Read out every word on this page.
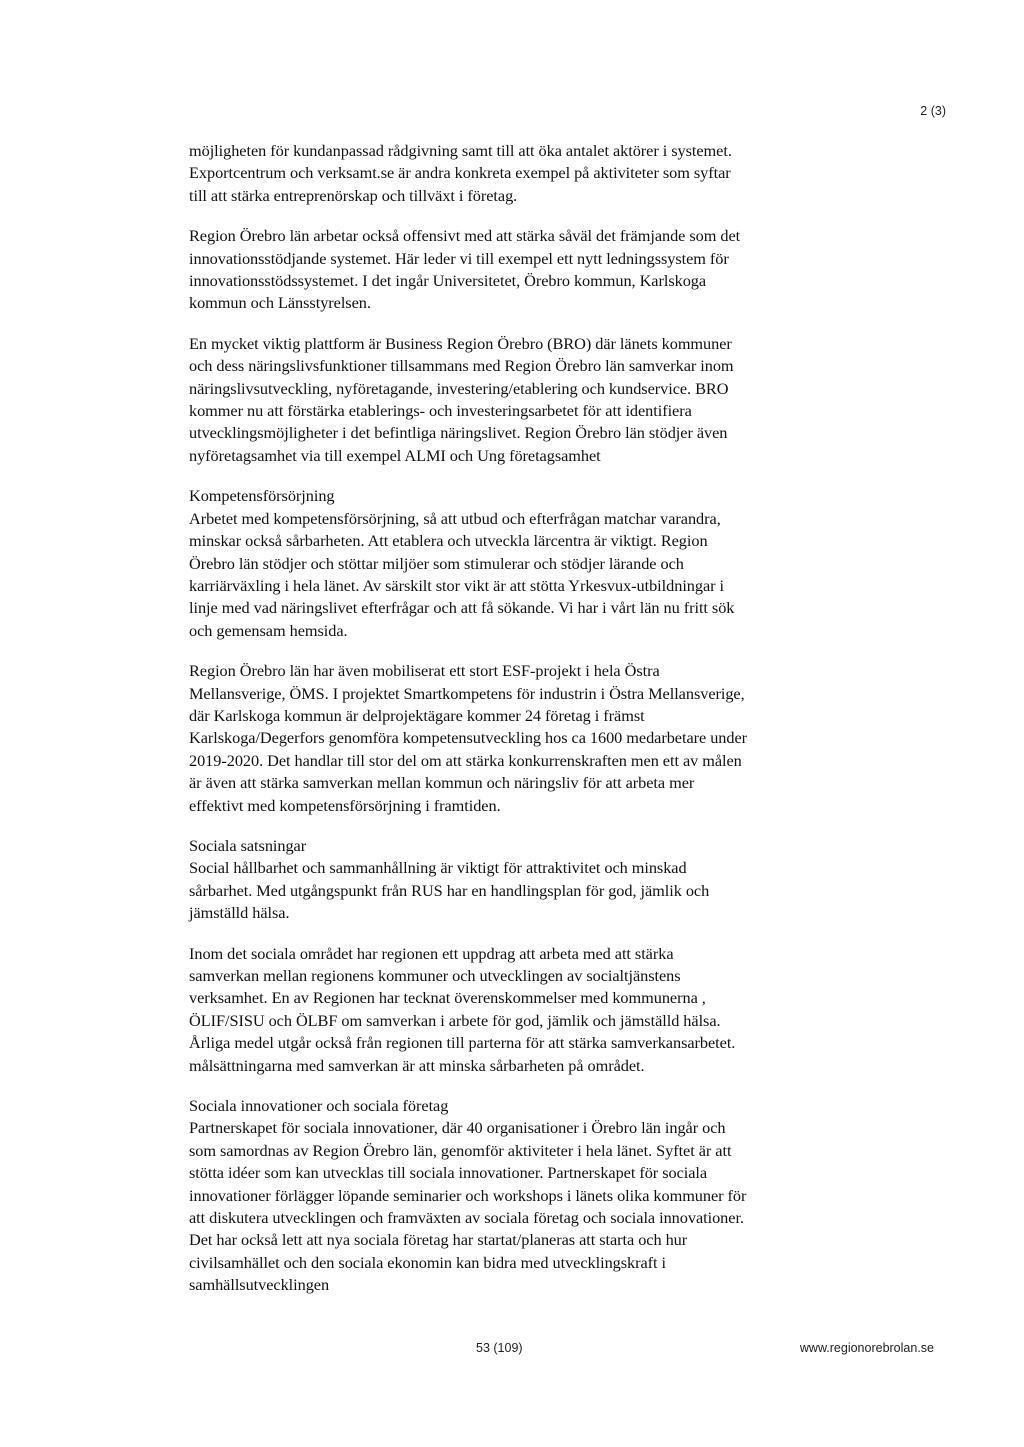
2 (3)
möjligheten för kundanpassad rådgivning samt till att öka antalet aktörer i systemet.
Exportcentrum och verksamt.se är andra konkreta exempel på aktiviteter som syftar
till att stärka entreprenörskap och tillväxt i företag.
Region Örebro län arbetar också offensivt med att stärka såväl det främjande som det
innovationsstödjande systemet. Här leder vi till exempel ett nytt ledningssystem för
innovationsstödssystemet. I det ingår Universitetet, Örebro kommun, Karlskoga
kommun och Länsstyrelsen.
En mycket viktig plattform är Business Region Örebro (BRO) där länets kommuner
och dess näringslivsfunktioner tillsammans med Region Örebro län samverkar inom
näringslivsutveckling, nyföretagande, investering/etablering och kundservice. BRO
kommer nu att förstärka etablerings- och investeringsarbetet för att identifiera
utvecklingsmöjligheter i det befintliga näringslivet. Region Örebro län stödjer även
nyföretagsamhet via till exempel ALMI och Ung företagsamhet
Kompetensförsörjning
Arbetet med kompetensförsörjning, så att utbud och efterfrågan matchar varandra,
minskar också sårbarheten. Att etablera och utveckla lärcentra är viktigt. Region
Örebro län stödjer och stöttar miljöer som stimulerar och stödjer lärande och
karriärväxling i hela länet. Av särskilt stor vikt är att stötta Yrkesvux-utbildningar i
linje med vad näringslivet efterfrågar och att få sökande. Vi har i vårt län nu fritt sök
och gemensam hemsida.
Region Örebro län har även mobiliserat ett stort ESF-projekt i hela Östra
Mellansverige, ÖMS. I projektet Smartkompetens för industrin i Östra Mellansverige,
där Karlskoga kommun är delprojektägare kommer 24 företag i främst
Karlskoga/Degerfors genomföra kompetensutveckling hos ca 1600 medarbetare under
2019-2020. Det handlar till stor del om att stärka konkurrenskraften men ett av målen
är även att stärka samverkan mellan kommun och näringsliv för att arbeta mer
effektivt med kompetensförsörjning i framtiden.
Sociala satsningar
Social hållbarhet och sammanhållning är viktigt för attraktivitet och minskad
sårbarhet. Med utgångspunkt från RUS har en handlingsplan för god, jämlik och
jämställd hälsa.
Inom det sociala området har regionen ett uppdrag att arbeta med att stärka
samverkan mellan regionens kommuner och utvecklingen av socialtjänstens
verksamhet. En av Regionen har tecknat överenskommelser med kommunerna ,
ÖLIF/SISU och ÖLBF om samverkan i arbete för god, jämlik och jämställd hälsa.
Årliga medel utgår också från regionen till parterna för att stärka samverkansarbetet.
målsättningarna med samverkan är att minska sårbarheten på området.
Sociala innovationer och sociala företag
Partnerskapet för sociala innovationer, där 40 organisationer i Örebro län ingår och
som samordnas av Region Örebro län, genomför aktiviteter i hela länet. Syftet är att
stötta idéer som kan utvecklas till sociala innovationer. Partnerskapet för sociala
innovationer förlägger löpande seminarier och workshops i länets olika kommuner för
att diskutera utvecklingen och framväxten av sociala företag och sociala innovationer.
Det har också lett att nya sociala företag har startat/planeras att starta och hur
civilsamhället och den sociala ekonomin kan bidra med utvecklingskraft i
samhällsutvecklingen
53 (109)	www.regionorebrolan.se
